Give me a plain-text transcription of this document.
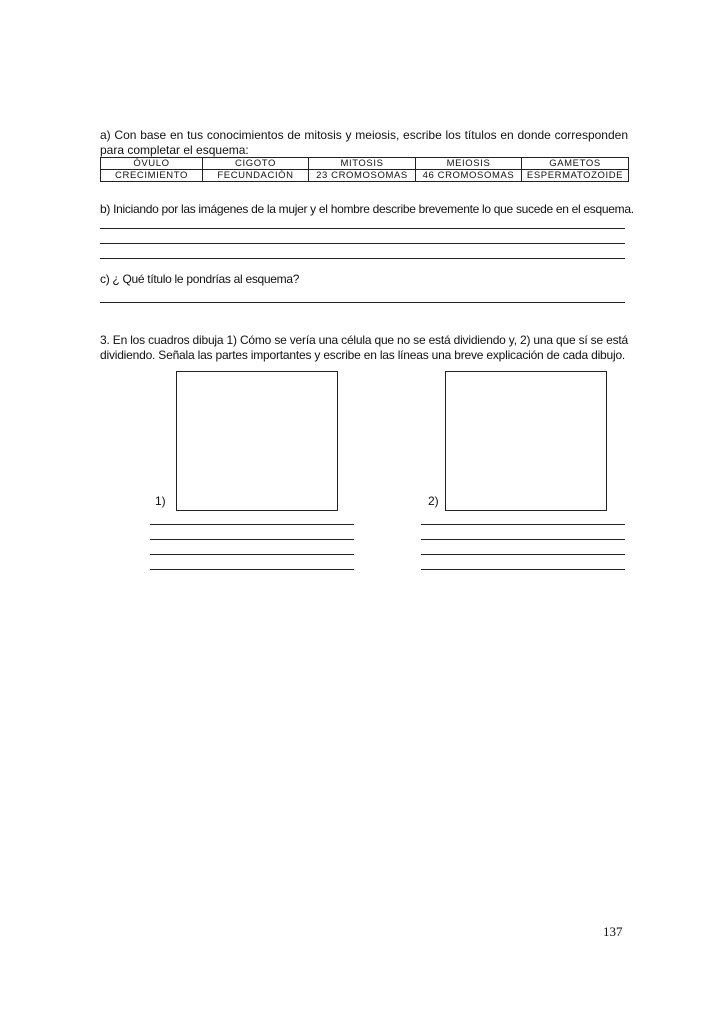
a) Con base en tus conocimientos de mitosis y meiosis, escribe los títulos en donde corresponden para completar el esquema:
ÓVULO	CIGOTO	MITOSIS	MEIOSIS	GAMETOS
CRECIMIENTO	FECUNDACIÓN	23 CROMOSOMAS	46 CROMOSOMAS	ESPERMATOZOIDE
b) Iniciando por las imágenes de la mujer y el hombre describe brevemente lo que sucede en el esquema.
c) ¿ Qué título le pondrías al esquema?
3. En los cuadros dibuja 1) Cómo se vería una célula que no se está dividiendo y, 2) una que sí se está dividiendo. Señala las partes importantes y escribe en las líneas una breve explicación de cada dibujo.
1)	2)
137
